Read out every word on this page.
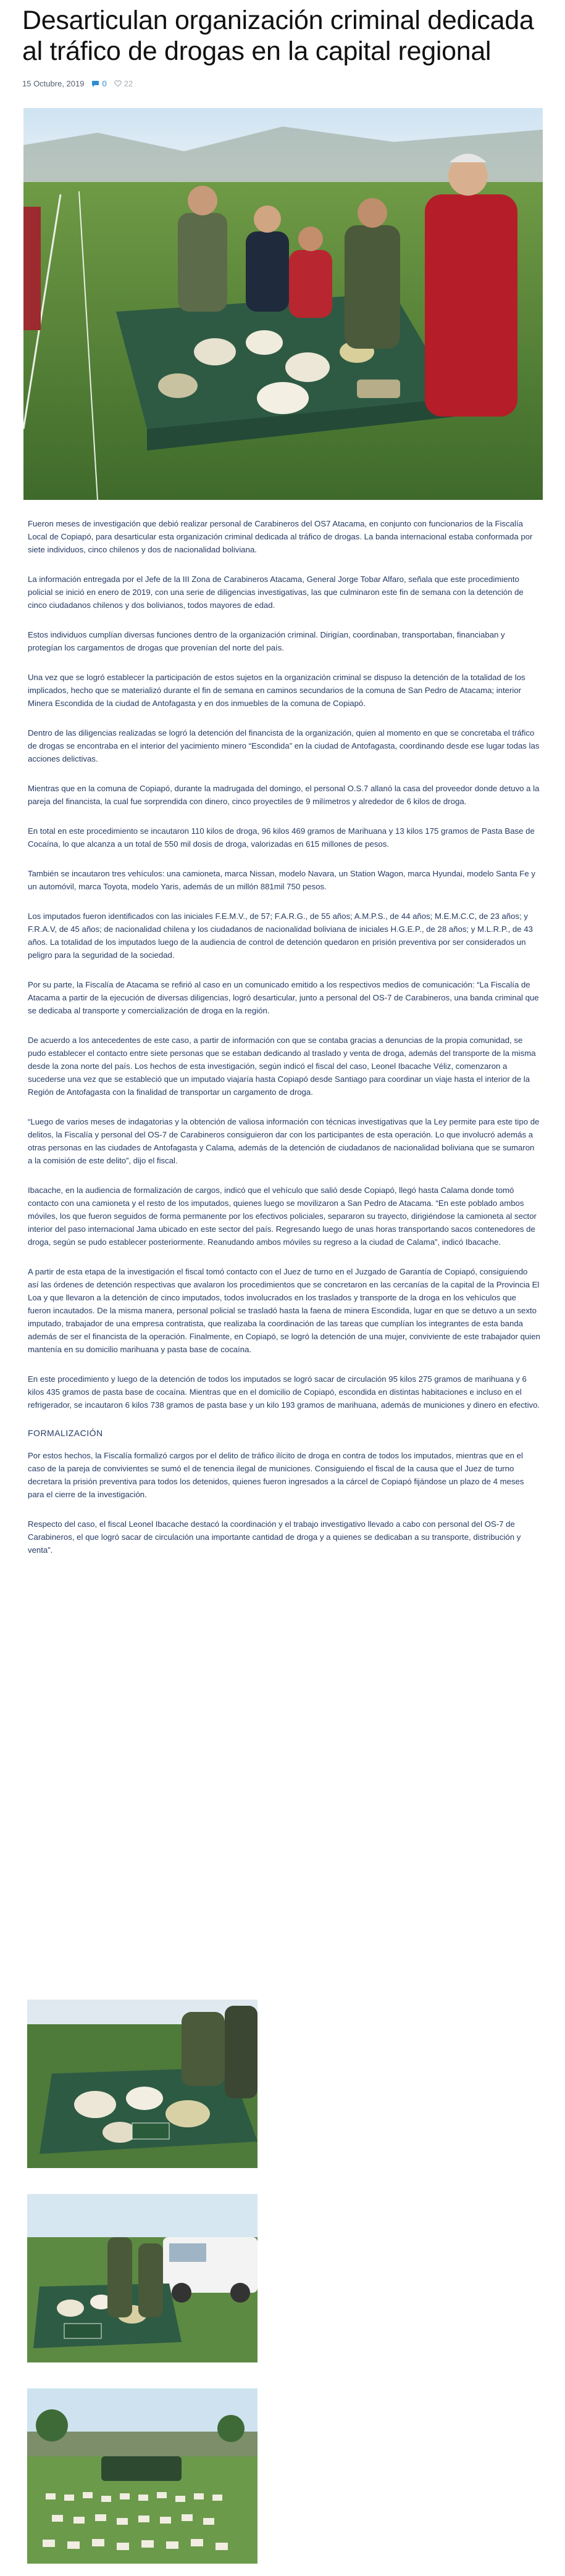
Desarticulan organización criminal dedicada al tráfico de drogas en la capital regional
15 Octubre, 2019 0 22

Fueron meses de investigación que debió realizar personal de Carabineros del OS7 Atacama, en conjunto con funcionarios de la Fiscalía Local de Copiapó, para desarticular esta organización criminal dedicada al tráfico de drogas. La banda internacional estaba conformada por siete individuos, cinco chilenos y dos de nacionalidad boliviana.

La información entregada por el Jefe de la III Zona de Carabineros Atacama, General Jorge Tobar Alfaro, señala que este procedimiento policial se inició en enero de 2019, con una serie de diligencias investigativas, las que culminaron este fin de semana con la detención de cinco ciudadanos chilenos y dos bolivianos, todos mayores de edad.

Estos individuos cumplían diversas funciones dentro de la organización criminal. Dirigían, coordinaban, transportaban, financiaban y protegían los cargamentos de drogas que provenían del norte del país.

Una vez que se logró establecer la participación de estos sujetos en la organización criminal se dispuso la detención de la totalidad de los implicados, hecho que se materializó durante el fin de semana en caminos secundarios de la comuna de San Pedro de Atacama; interior Minera Escondida de la ciudad de Antofagasta y en dos inmuebles de la comuna de Copiapó.

Dentro de las diligencias realizadas se logró la detención del financista de la organización, quien al momento en que se concretaba el tráfico de drogas se encontraba en el interior del yacimiento minero “Escondida” en la ciudad de Antofagasta, coordinando desde ese lugar todas las acciones delictivas.

Mientras que en la comuna de Copiapó, durante la madrugada del domingo, el personal O.S.7 allanó la casa del proveedor donde detuvo a la pareja del financista, la cual fue sorprendida con dinero, cinco proyectiles de 9 milímetros y alrededor de 6 kilos de droga.

En total en este procedimiento se incautaron 110 kilos de droga, 96 kilos 469 gramos de Marihuana y 13 kilos 175 gramos de Pasta Base de Cocaína, lo que alcanza a un total de 550 mil dosis de droga, valorizadas en 615 millones de pesos.

También se incautaron tres vehículos: una camioneta, marca Nissan, modelo Navara, un Station Wagon, marca Hyundai, modelo Santa Fe y un automóvil, marca Toyota, modelo Yaris, además de un millón 881mil 750 pesos.

Los imputados fueron identificados con las iniciales F.E.M.V., de 57; F.A.R.G., de 55 años; A.M.P.S., de 44 años; M.E.M.C.C, de 23 años; y F.R.A.V, de 45 años; de nacionalidad chilena y los ciudadanos de nacionalidad boliviana de iniciales H.G.E.P., de 28 años; y M.L.R.P., de 43 años. La totalidad de los imputados luego de la audiencia de control de detención quedaron en prisión preventiva por ser considerados un peligro para la seguridad de la sociedad.

Por su parte, la Fiscalía de Atacama se refirió al caso en un comunicado emitido a los respectivos medios de comunicación: “La Fiscalía de Atacama a partir de la ejecución de diversas diligencias, logró desarticular, junto a personal del OS-7 de Carabineros, una banda criminal que se dedicaba al transporte y comercialización de droga en la región.

De acuerdo a los antecedentes de este caso, a partir de información con que se contaba gracias a denuncias de la propia comunidad, se pudo establecer el contacto entre siete personas que se estaban dedicando al traslado y venta de droga, además del transporte de la misma desde la zona norte del país. Los hechos de esta investigación, según indicó el fiscal del caso, Leonel Ibacache Véliz, comenzaron a sucederse una vez que se estableció que un imputado viajaría hasta Copiapó desde Santiago para coordinar un viaje hasta el interior de la Región de Antofagasta con la finalidad de transportar un cargamento de droga.

“Luego de varios meses de indagatorias y la obtención de valiosa información con técnicas investigativas que la Ley permite para este tipo de delitos, la Fiscalía y personal del OS-7 de Carabineros consiguieron dar con los participantes de esta operación. Lo que involucró además a otras personas en las ciudades de Antofagasta y Calama, además de la detención de ciudadanos de nacionalidad boliviana que se sumaron a la comisión de este delito”, dijo el fiscal.

Ibacache, en la audiencia de formalización de cargos, indicó que el vehículo que salió desde Copiapó, llegó hasta Calama donde tomó contacto con una camioneta y el resto de los imputados, quienes luego se movilizaron a San Pedro de Atacama. “En este poblado ambos móviles, los que fueron seguidos de forma permanente por los efectivos policiales, separaron su trayecto, dirigiéndose la camioneta al sector interior del paso internacional Jama ubicado en este sector del país. Regresando luego de unas horas transportando sacos contenedores de droga, según se pudo establecer posteriormente. Reanudando ambos móviles su regreso a la ciudad de Calama”, indicó Ibacache.

A partir de esta etapa de la investigación el fiscal tomó contacto con el Juez de turno en el Juzgado de Garantía de Copiapó, consiguiendo así las órdenes de detención respectivas que avalaron los procedimientos que se concretaron en las cercanías de la capital de la Provincia El Loa y que llevaron a la detención de cinco imputados, todos involucrados en los traslados y transporte de la droga en los vehículos que fueron incautados. De la misma manera, personal policial se trasladó hasta la faena de minera Escondida, lugar en que se detuvo a un sexto imputado, trabajador de una empresa contratista, que realizaba la coordinación de las tareas que cumplían los integrantes de esta banda además de ser el financista de la operación. Finalmente, en Copiapó, se logró la detención de una mujer, conviviente de este trabajador quien mantenía en su domicilio marihuana y pasta base de cocaína.

En este procedimiento y luego de la detención de todos los imputados se logró sacar de circulación 95 kilos 275 gramos de marihuana y 6 kilos 435 gramos de pasta base de cocaína. Mientras que en el domicilio de Copiapó, escondida en distintas habitaciones e incluso en el refrigerador, se incautaron 6 kilos 738 gramos de pasta base y un kilo 193 gramos de marihuana, además de municiones y dinero en efectivo.

FORMALIZACIÓN

Por estos hechos, la Fiscalía formalizó cargos por el delito de tráfico ilícito de droga en contra de todos los imputados, mientras que en el caso de la pareja de convivientes se sumó el de tenencia ilegal de municiones. Consiguiendo el fiscal de la causa que el Juez de turno decretara la prisión preventiva para todos los detenidos, quienes fueron ingresados a la cárcel de Copiapó fijándose un plazo de 4 meses para el cierre de la investigación.

Respecto del caso, el fiscal Leonel Ibacache destacó la coordinación y el trabajo investigativo llevado a cabo con personal del OS-7 de Carabineros, el que logró sacar de circulación una importante cantidad de droga y a quienes se dedicaban a su transporte, distribución y venta”.
